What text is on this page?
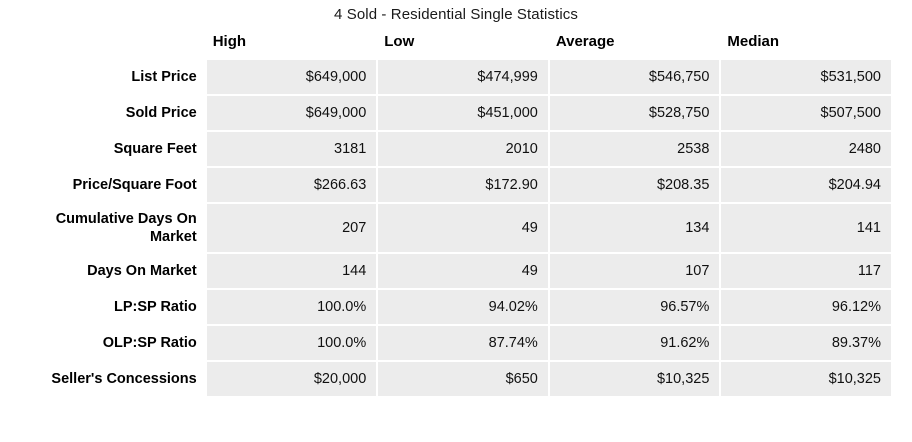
4 Sold - Residential Single Statistics
	High	Low	Average	Median
List Price	$649,000	$474,999	$546,750	$531,500
Sold Price	$649,000	$451,000	$528,750	$507,500
Square Feet	3181	2010	2538	2480
Price/Square Foot	$266.63	$172.90	$208.35	$204.94
Cumulative Days On Market	207	49	134	141
Days On Market	144	49	107	117
LP:SP Ratio	100.0%	94.02%	96.57%	96.12%
OLP:SP Ratio	100.0%	87.74%	91.62%	89.37%
Seller's Concessions	$20,000	$650	$10,325	$10,325
